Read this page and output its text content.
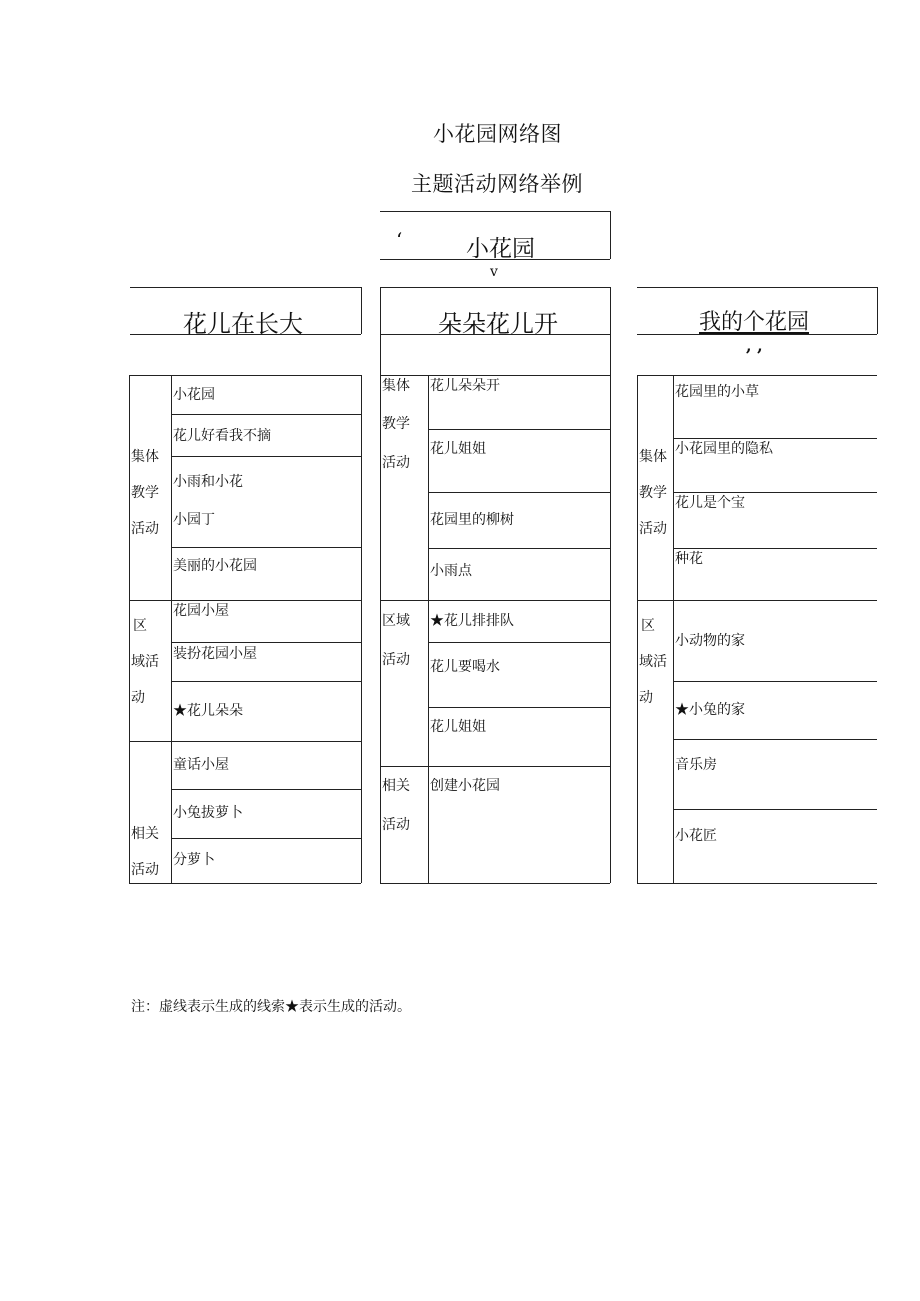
小花园网络图
主题活动网络举例
‘	小花园
v
花儿在长大
集体
教学
活动
区
域活
动
相关
活动
小花园
花儿好看我不摘
小雨和小花
小园丁
美丽的小花园
花园小屋
装扮花园小屋
★花儿朵朵
童话小屋
小兔拔萝卜
分萝卜
朵朵花儿开
集体
教学
活动
区域
活动
相关
活动
花儿朵朵开
花儿姐姐
花园里的柳树
小雨点
★花儿排排队
花儿要喝水
花儿姐姐
创建小花园
我的个花园
, ,
集体
教学
活动
区
域活
动
花园里的小草
小花园里的隐私
花儿是个宝
种花
小动物的家
★小兔的家
音乐房
小花匠
注：虚线表示生成的线索★表示生成的活动。
